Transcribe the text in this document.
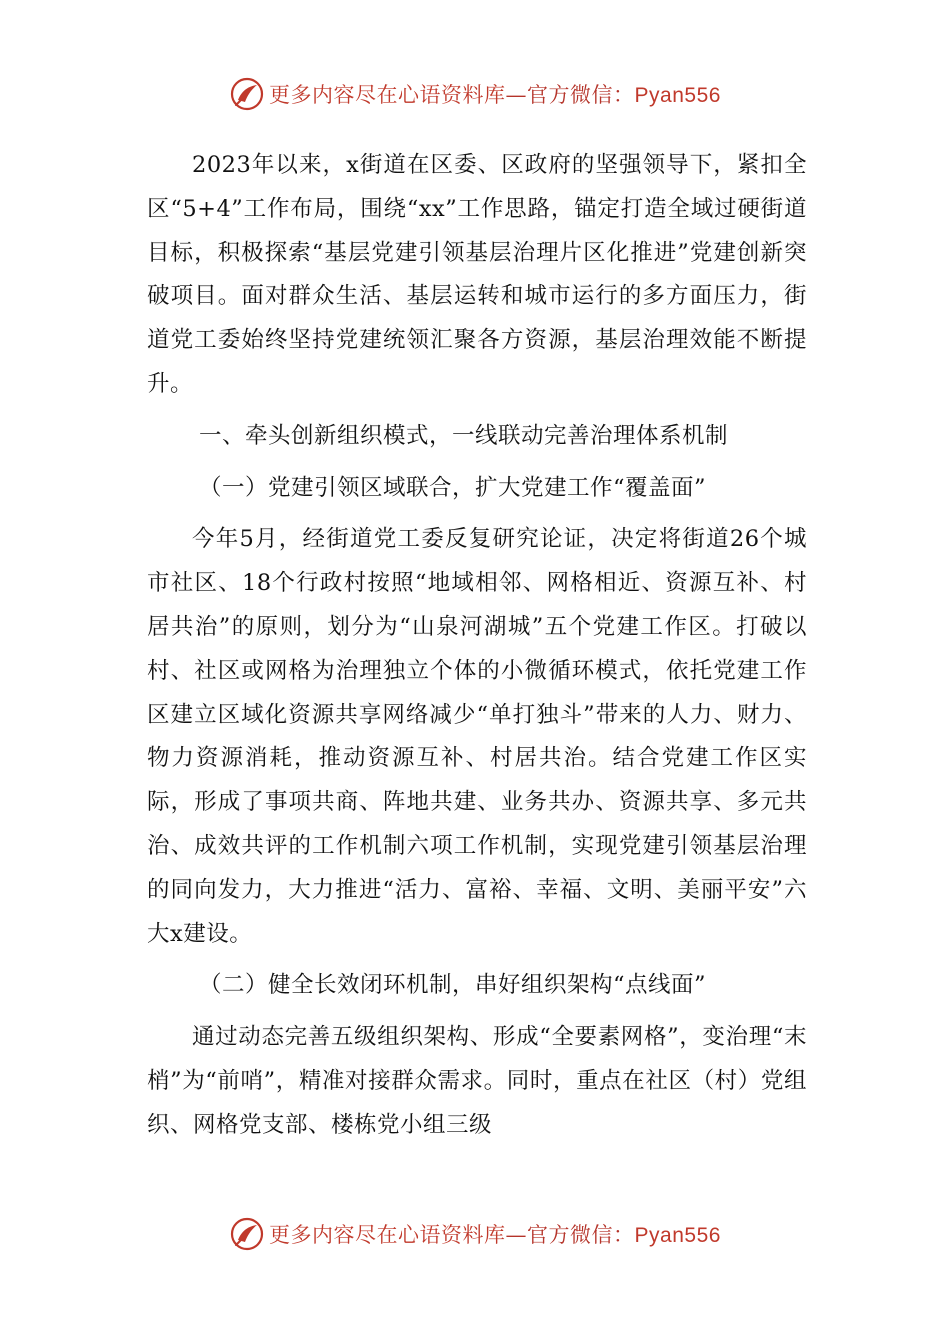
更多内容尽在心语资料库—官方微信：Pyan556

2023年以来，x街道在区委、区政府的坚强领导下，紧扣全区“5+4”工作布局，围绕“xx”工作思路，锚定打造全域过硬街道目标，积极探索“基层党建引领基层治理片区化推进”党建创新突破项目。面对群众生活、基层运转和城市运行的多方面压力，街道党工委始终坚持党建统领汇聚各方资源，基层治理效能不断提升。

一、牵头创新组织模式，一线联动完善治理体系机制

（一）党建引领区域联合，扩大党建工作“覆盖面”

今年5月，经街道党工委反复研究论证，决定将街道26个城市社区、18个行政村按照“地域相邻、网格相近、资源互补、村居共治”的原则，划分为“山泉河湖城”五个党建工作区。打破以村、社区或网格为治理独立个体的小微循环模式，依托党建工作区建立区域化资源共享网络减少“单打独斗”带来的人力、财力、物力资源消耗，推动资源互补、村居共治。结合党建工作区实际，形成了事项共商、阵地共建、业务共办、资源共享、多元共治、成效共评的工作机制六项工作机制，实现党建引领基层治理的同向发力，大力推进“活力、富裕、幸福、文明、美丽平安”六大x建设。

（二）健全长效闭环机制，串好组织架构“点线面”

通过动态完善五级组织架构、形成“全要素网格”，变治理“末梢”为“前哨”，精准对接群众需求。同时，重点在社区（村）党组织、网格党支部、楼栋党小组三级

更多内容尽在心语资料库—官方微信：Pyan556
